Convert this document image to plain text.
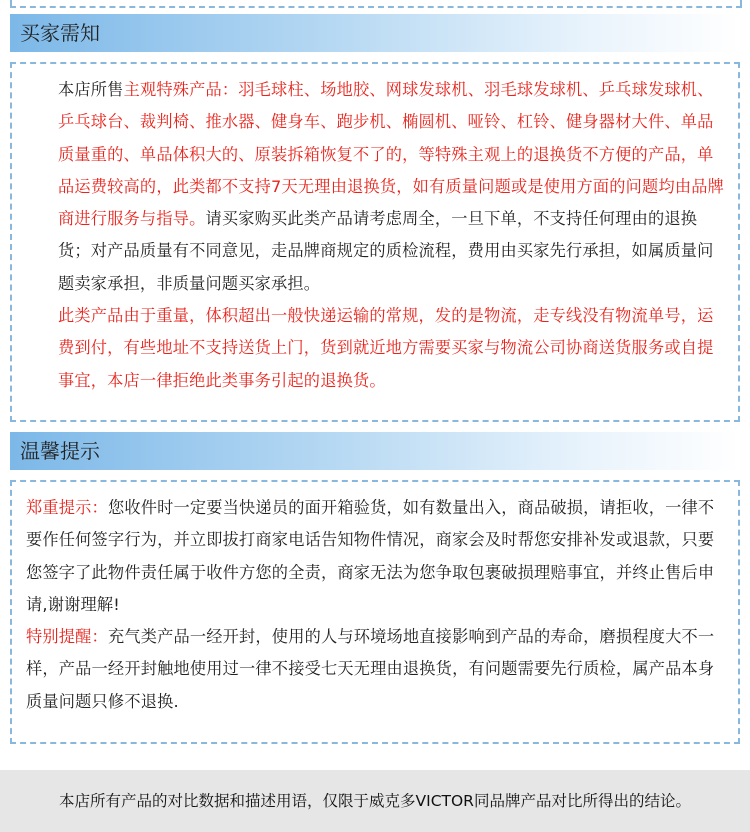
买家需知

本店所售主观特殊产品：羽毛球柱、场地胶、网球发球机、羽毛球发球机、乒乓球发球机、乒乓球台、裁判椅、推水器、健身车、跑步机、椭圆机、哑铃、杠铃、健身器材大件、单品质量重的、单品体积大的、原装拆箱恢复不了的，等特殊主观上的退换货不方便的产品，单品运费较高的，此类都不支持7天无理由退换货，如有质量问题或是使用方面的问题均由品牌商进行服务与指导。请买家购买此类产品请考虑周全，一旦下单，不支持任何理由的退换货；对产品质量有不同意见，走品牌商规定的质检流程，费用由买家先行承担，如属质量问题卖家承担，非质量问题买家承担。

此类产品由于重量，体积超出一般快递运输的常规，发的是物流，走专线没有物流单号，运费到付，有些地址不支持送货上门，货到就近地方需要买家与物流公司协商送货服务或自提事宜，本店一律拒绝此类事务引起的退换货。

温馨提示

郑重提示：您收件时一定要当快递员的面开箱验货，如有数量出入，商品破损，请拒收，一律不要作任何签字行为，并立即拔打商家电话告知物件情况，商家会及时帮您安排补发或退款，只要您签字了此物件责任属于收件方您的全责，商家无法为您争取包裹破损理赔事宜，并终止售后申请,谢谢理解!

特别提醒：充气类产品一经开封，使用的人与环境场地直接影响到产品的寿命，磨损程度大不一样，产品一经开封触地使用过一律不接受七天无理由退换货，有问题需要先行质检，属产品本身质量问题只修不退换.

本店所有产品的对比数据和描述用语，仅限于威克多VICTOR同品牌产品对比所得出的结论。
